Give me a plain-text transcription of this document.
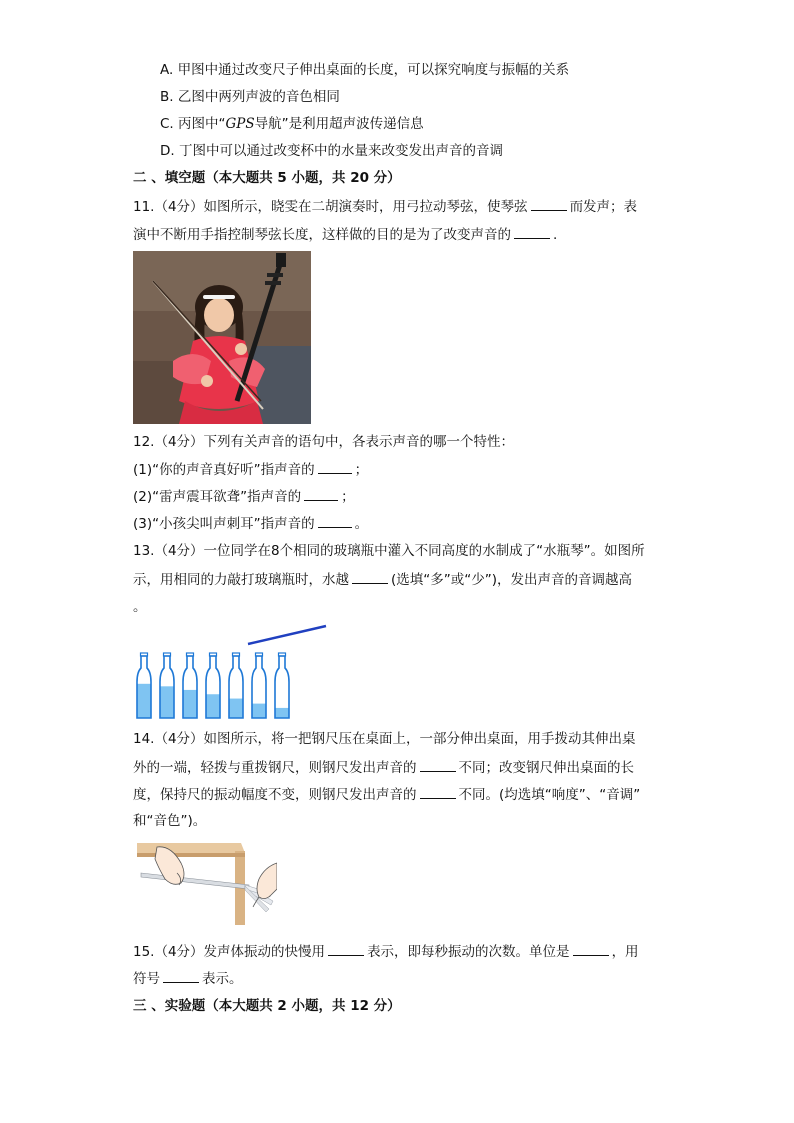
A. 甲图中通过改变尺子伸出桌面的长度，可以探究响度与振幅的关系
B. 乙图中两列声波的音色相同
C. 丙图中“GPS导航”是利用超声波传递信息
D. 丁图中可以通过改变杯中的水量来改变发出声音的音调
二 、填空题（本大题共 5 小题，共 20 分）
11.（4分）如图所示，晓雯在二胡演奏时，用弓拉动琴弦，使琴弦	而发声；表
演中不断用手指控制琴弦长度，这样做的目的是为了改变声音的	.
12.（4分）下列有关声音的语句中，各表示声音的哪一个特性：
(1)“你的声音真好听”指声音的	；
(2)“雷声震耳欲聋”指声音的	；
(3)“小孩尖叫声刺耳”指声音的	。
13.（4分）一位同学在8个相同的玻璃瓶中灌入不同高度的水制成了“水瓶琴”。如图所
示，用相同的力敲打玻璃瓶时，水越	(选填“多”或“少”)，发出声音的音调越高
。
14.（4分）如图所示，将一把钢尺压在桌面上，一部分伸出桌面，用手拨动其伸出桌
外的一端，轻拨与重拨钢尺，则钢尺发出声音的	不同；改变钢尺伸出桌面的长
度，保持尺的振动幅度不变，则钢尺发出声音的	不同。(均选填“响度”、“音调”
和“音色”)。
15.（4分）发声体振动的快慢用	表示，即每秒振动的次数。单位是	，用
符号	表示。
三 、实验题（本大题共 2 小题，共 12 分）
